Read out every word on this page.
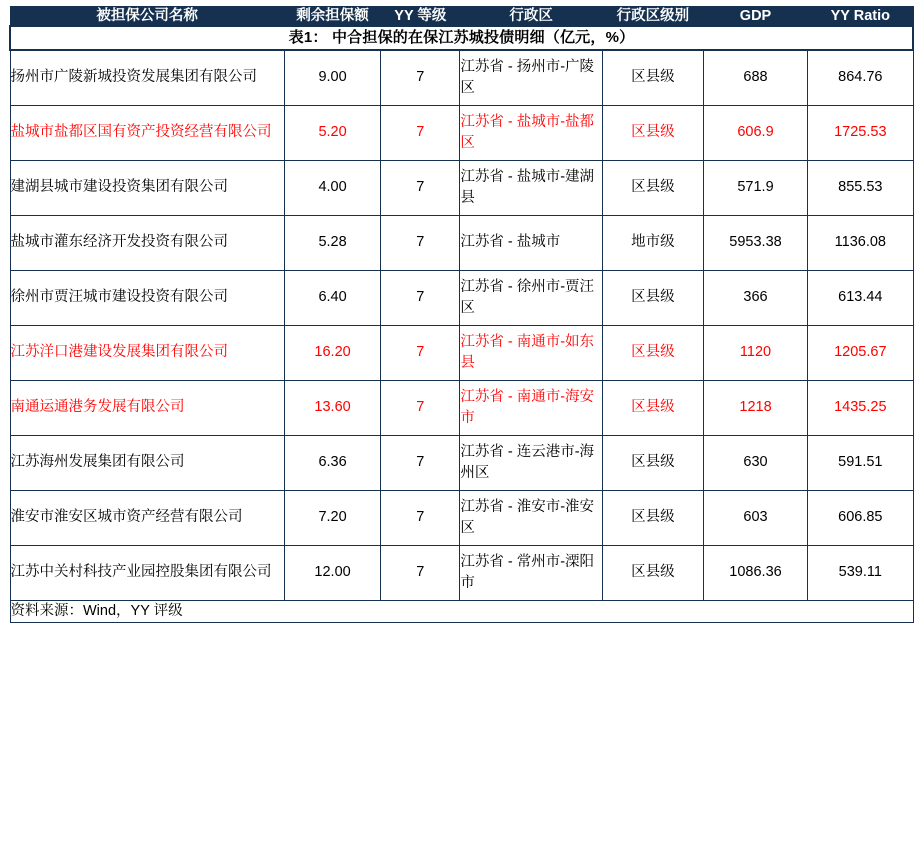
表1： 中合担保的在保江苏城投债明细（亿元，%）						
被担保公司名称	剩余担保额	YY 等级	行政区	行政区级别	GDP	YY Ratio
扬州市广陵新城投资发展集团有限公司	9.00	7	江苏省 - 扬州市-广陵区	区县级	688	864.76
盐城市盐都区国有资产投资经营有限公司	5.20	7	江苏省 - 盐城市-盐都区	区县级	606.9	1725.53
建湖县城市建设投资集团有限公司	4.00	7	江苏省 - 盐城市-建湖县	区县级	571.9	855.53
盐城市灌东经济开发投资有限公司	5.28	7	江苏省 - 盐城市	地市级	5953.38	1136.08
徐州市贾汪城市建设投资有限公司	6.40	7	江苏省 - 徐州市-贾汪区	区县级	366	613.44
江苏洋口港建设发展集团有限公司	16.20	7	江苏省 - 南通市-如东县	区县级	1120	1205.67
南通运通港务发展有限公司	13.60	7	江苏省 - 南通市-海安市	区县级	1218	1435.25
江苏海州发展集团有限公司	6.36	7	江苏省 - 连云港市-海州区	区县级	630	591.51
淮安市淮安区城市资产经营有限公司	7.20	7	江苏省 - 淮安市-淮安区	区县级	603	606.85
江苏中关村科技产业园控股集团有限公司	12.00	7	江苏省 - 常州市-溧阳市	区县级	1086.36	539.11
资料来源：Wind，YY 评级						
